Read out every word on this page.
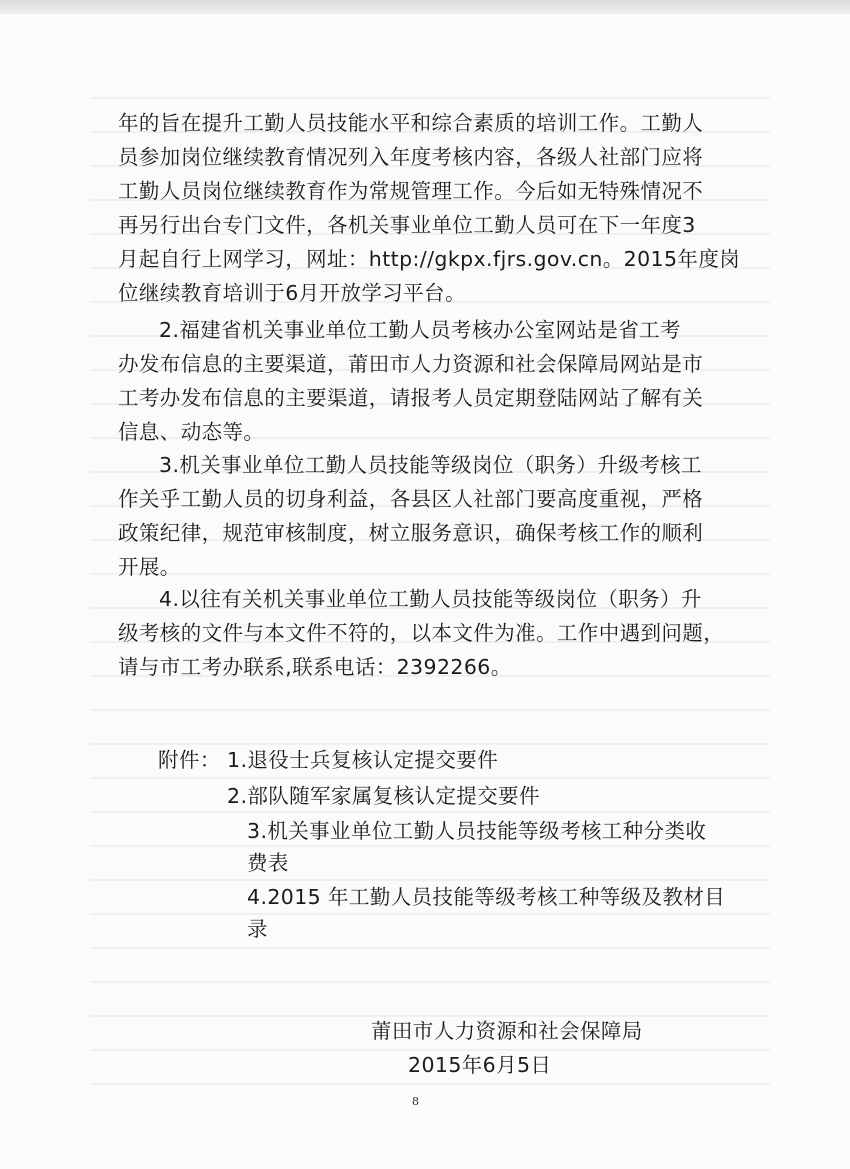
年的旨在提升工勤人员技能水平和综合素质的培训工作。工勤人
员参加岗位继续教育情况列入年度考核内容，各级人社部门应将
工勤人员岗位继续教育作为常规管理工作。今后如无特殊情况不
再另行出台专门文件，各机关事业单位工勤人员可在下一年度3
月起自行上网学习，网址：http://gkpx.fjrs.gov.cn。2015年度岗
位继续教育培训于6月开放学习平台。
2.福建省机关事业单位工勤人员考核办公室网站是省工考
办发布信息的主要渠道，莆田市人力资源和社会保障局网站是市
工考办发布信息的主要渠道，请报考人员定期登陆网站了解有关
信息、动态等。
3.机关事业单位工勤人员技能等级岗位（职务）升级考核工
作关乎工勤人员的切身利益，各县区人社部门要高度重视，严格
政策纪律，规范审核制度，树立服务意识，确保考核工作的顺利
开展。
4.以往有关机关事业单位工勤人员技能等级岗位（职务）升
级考核的文件与本文件不符的，以本文件为准。工作中遇到问题，
请与市工考办联系,联系电话：2392266。
附件： 1.退役士兵复核认定提交要件
2.部队随军家属复核认定提交要件
3.机关事业单位工勤人员技能等级考核工种分类收
费表
4.2015 年工勤人员技能等级考核工种等级及教材目
录
莆田市人力资源和社会保障局
2015年6月5日
8
